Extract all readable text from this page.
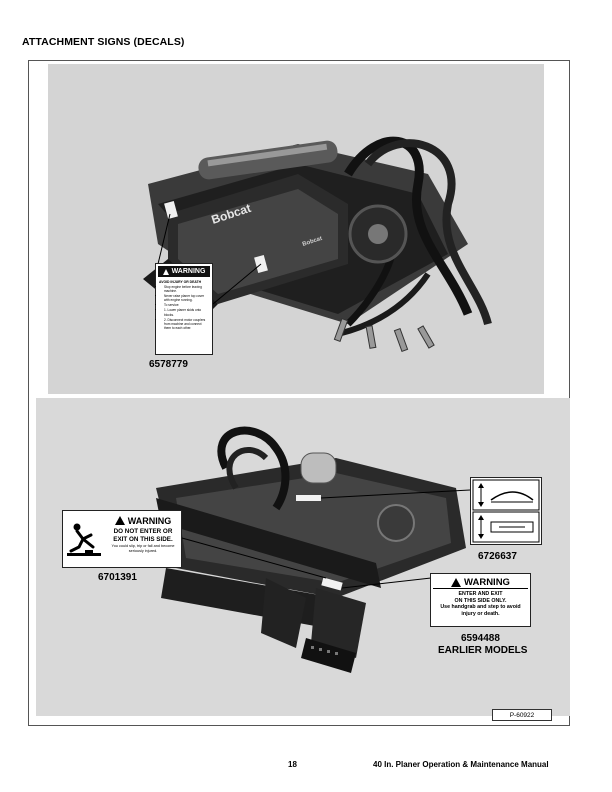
ATTACHMENT SIGNS (DECALS)
Bobcat
Bobcat
WARNING
AVOID INJURY OR DEATH
• Stop engine before leaving machine.
• Never raise planer top cover with engine running.
• To service:
• 1. Lower planer skids onto blocks.
• 2. Disconnect motor couplers from machine and connect them to each other.
6578779
WARNING
DO NOT ENTER OR
EXIT ON THIS SIDE.
You could slip, trip or fall and become seriously injured.
6701391
6726637
WARNING
ENTER AND EXIT
ON THIS SIDE ONLY.
Use handgrab and step to avoid
injury or death.
6594488
EARLIER MODELS
P-60922
18	40 In. Planer Operation & Maintenance Manual
